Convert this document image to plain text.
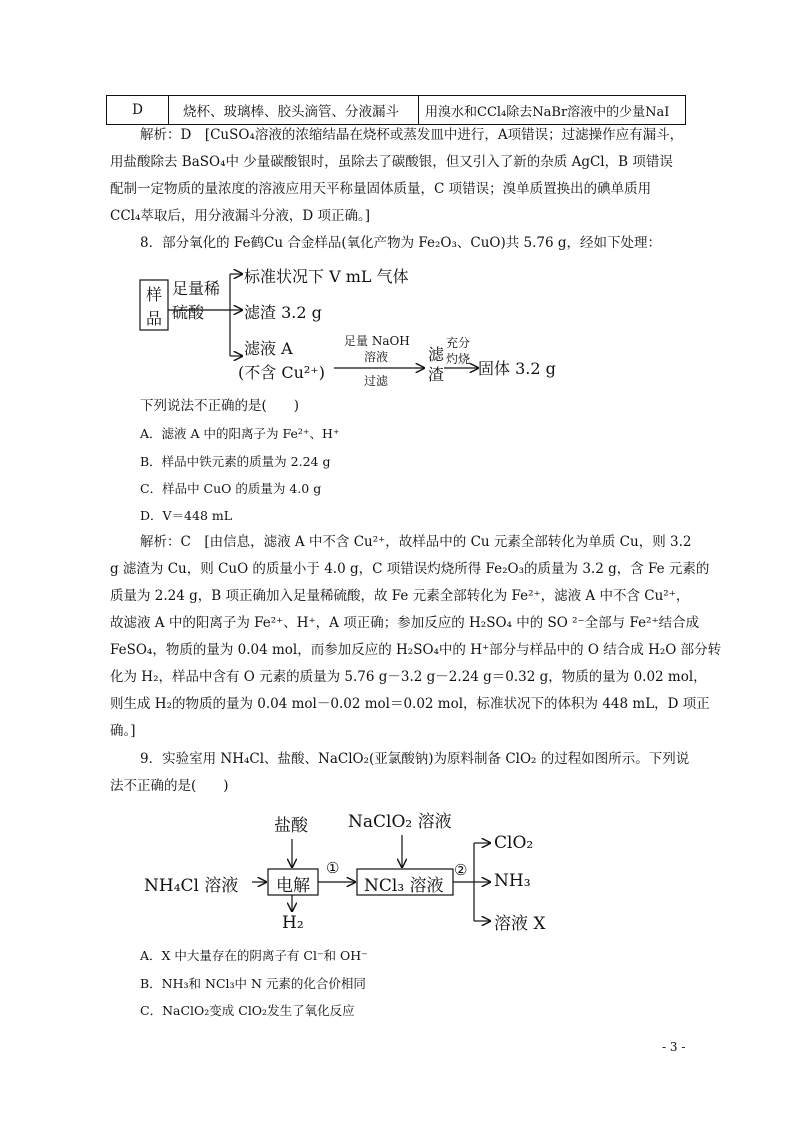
D	烧杯、玻璃棒、胶头滴管、分液漏斗	用溴水和CCl₄除去NaBr溶液中的少量NaI
解析：D　[CuSO₄溶液的浓缩结晶在烧杯或蒸发皿中进行，A项错误；过滤操作应有漏斗，
用盐酸除去 BaSO₄中 少量碳酸银时，虽除去了碳酸银，但又引入了新的杂质 AgCl，B 项错误
配制一定物质的量浓度的溶液应用天平称量固体质量，C 项错误；溴单质置换出的碘单质用
CCl₄萃取后，用分液漏斗分液，D 项正确。]
8．部分氧化的 Fe鹤Cu 合金样品(氧化产物为 Fe₂O₃、CuO)共 5.76 g，经如下处理：
样
品
足量稀
硫酸
标准状况下 V mL 气体
滤渣 3.2 g
滤液 A
(不含 Cu²⁺)
足量 NaOH
溶液
过滤
滤
渣
充分
灼烧 固体 3.2 g
下列说法不正确的是(　　)
A．滤液 A 中的阳离子为 Fe²⁺、H⁺
B．样品中铁元素的质量为 2.24 g
C．样品中 CuO 的质量为 4.0 g
D．V＝448 mL
解析：C　[由信息，滤液 A 中不含 Cu²⁺，故样品中的 Cu 元素全部转化为单质 Cu，则 3.2
g 滤渣为 Cu，则 CuO 的质量小于 4.0 g，C 项错误灼烧所得 Fe₂O₃的质量为 3.2 g，含 Fe 元素的
质量为 2.24 g，B 项正确加入足量稀硫酸，故 Fe 元素全部转化为 Fe²⁺，滤液 A 中不含 Cu²⁺，
故滤液 A 中的阳离子为 Fe²⁺、H⁺，A 项正确；参加反应的 H₂SO₄ 中的 SO ²⁻全部与 Fe²⁺结合成
FeSO₄，物质的量为 0.04 mol，而参加反应的 H₂SO₄中的 H⁺部分与样品中的 O 结合成 H₂O 部分转
化为 H₂，样品中含有 O 元素的质量为 5.76 g－3.2 g－2.24 g＝0.32 g，物质的量为 0.02 mol，
则生成 H₂的物质的量为 0.04 mol－0.02 mol＝0.02 mol，标准状况下的体积为 448 mL，D 项正
确。]
9．实验室用 NH₄Cl、盐酸、NaClO₂(亚氯酸钠)为原料制备 ClO₂ 的过程如图所示。下列说
法不正确的是(　　)
盐酸 NaClO₂ 溶液
NH₄Cl 溶液 电解
①
NCl₃ 溶液
②
ClO₂
NH₃
溶液 X
H₂
A．X 中大量存在的阴离子有 Cl⁻和 OH⁻
B．NH₃和 NCl₃中 N 元素的化合价相同
C．NaClO₂变成 ClO₂发生了氧化反应
- 3 -
